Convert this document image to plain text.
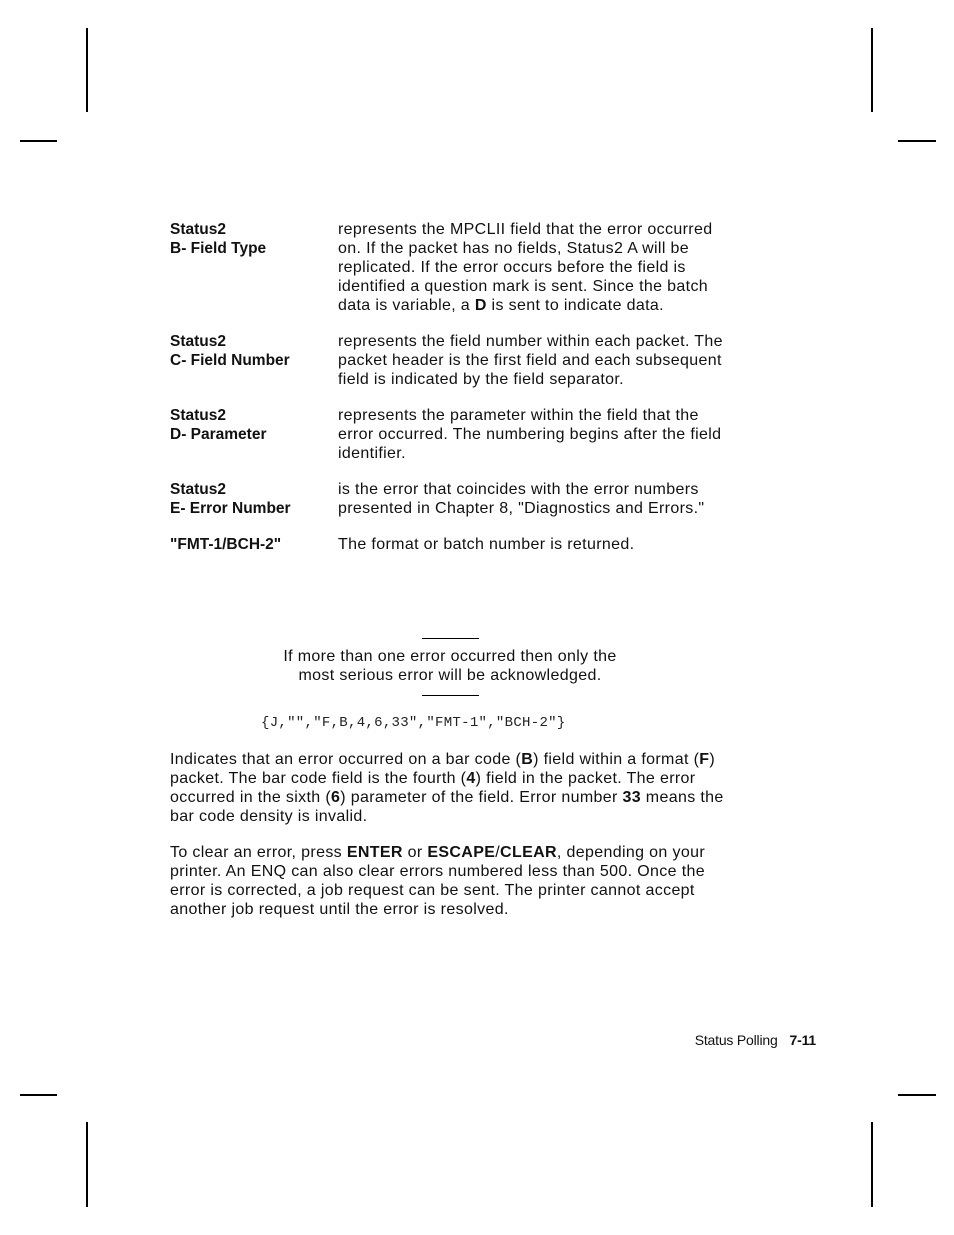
Status2
B- Field Type
represents the MPCLII field that the error occurred on. If the packet has no fields, Status2 A will be replicated. If the error occurs before the field is identified a question mark is sent. Since the batch data is variable, a D is sent to indicate data.
Status2
C- Field Number
represents the field number within each packet. The packet header is the first field and each subsequent field is indicated by the field separator.
Status2
D- Parameter
represents the parameter within the field that the error occurred. The numbering begins after the field identifier.
Status2
E- Error Number
is the error that coincides with the error numbers presented in Chapter 8, "Diagnostics and Errors."
"FMT-1/BCH-2"	The format or batch number is returned.
If more than one error occurred then only the
most serious error will be acknowledged.
{J,"","F,B,4,6,33","FMT-1","BCH-2"}
Indicates that an error occurred on a bar code (B) field within a format (F) packet. The bar code field is the fourth (4) field in the packet. The error occurred in the sixth (6) parameter of the field. Error number 33 means the bar code density is invalid.
To clear an error, press ENTER or ESCAPE/CLEAR, depending on your printer. An ENQ can also clear errors numbered less than 500. Once the error is corrected, a job request can be sent. The printer cannot accept another job request until the error is resolved.
Status Polling 7-11
